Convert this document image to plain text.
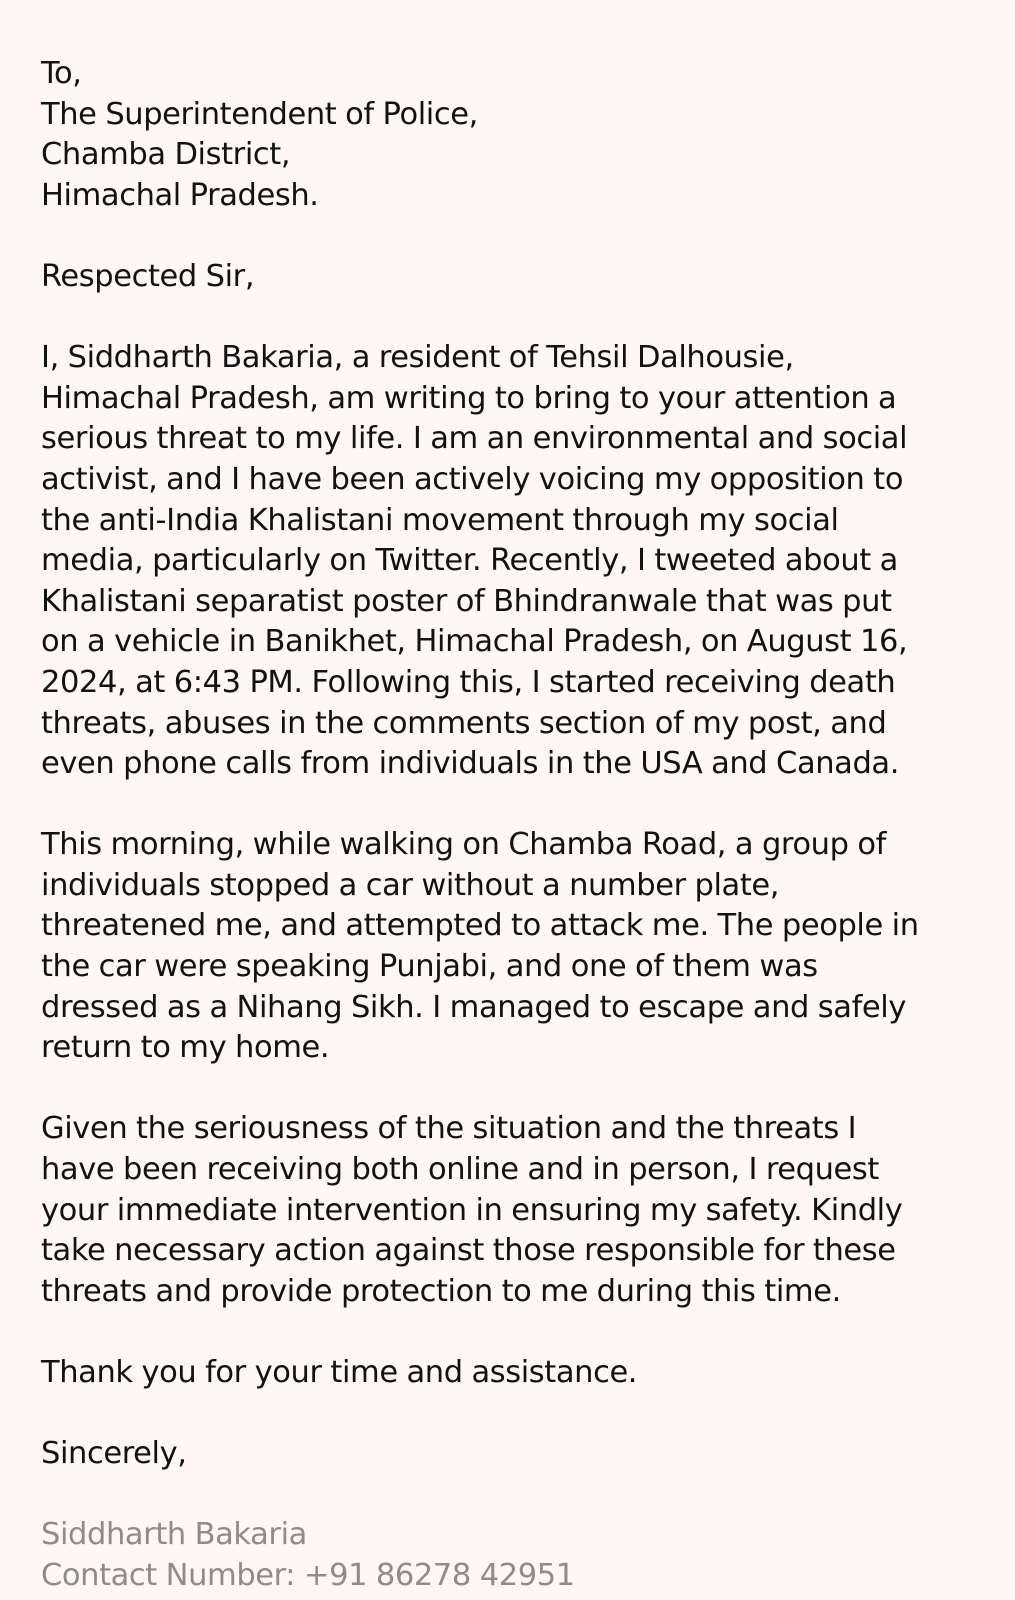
To,
The Superintendent of Police,
Chamba District,
Himachal Pradesh.
Respected Sir,
I, Siddharth Bakaria, a resident of Tehsil Dalhousie,
Himachal Pradesh, am writing to bring to your attention a
serious threat to my life. I am an environmental and social
activist, and I have been actively voicing my opposition to
the anti-India Khalistani movement through my social
media, particularly on Twitter. Recently, I tweeted about a
Khalistani separatist poster of Bhindranwale that was put
on a vehicle in Banikhet, Himachal Pradesh, on August 16,
2024, at 6:43 PM. Following this, I started receiving death
threats, abuses in the comments section of my post, and
even phone calls from individuals in the USA and Canada.
This morning, while walking on Chamba Road, a group of
individuals stopped a car without a number plate,
threatened me, and attempted to attack me. The people in
the car were speaking Punjabi, and one of them was
dressed as a Nihang Sikh. I managed to escape and safely
return to my home.
Given the seriousness of the situation and the threats I
have been receiving both online and in person, I request
your immediate intervention in ensuring my safety. Kindly
take necessary action against those responsible for these
threats and provide protection to me during this time.
Thank you for your time and assistance.
Sincerely,
Siddharth Bakaria
Contact Number: +91 86278 42951
